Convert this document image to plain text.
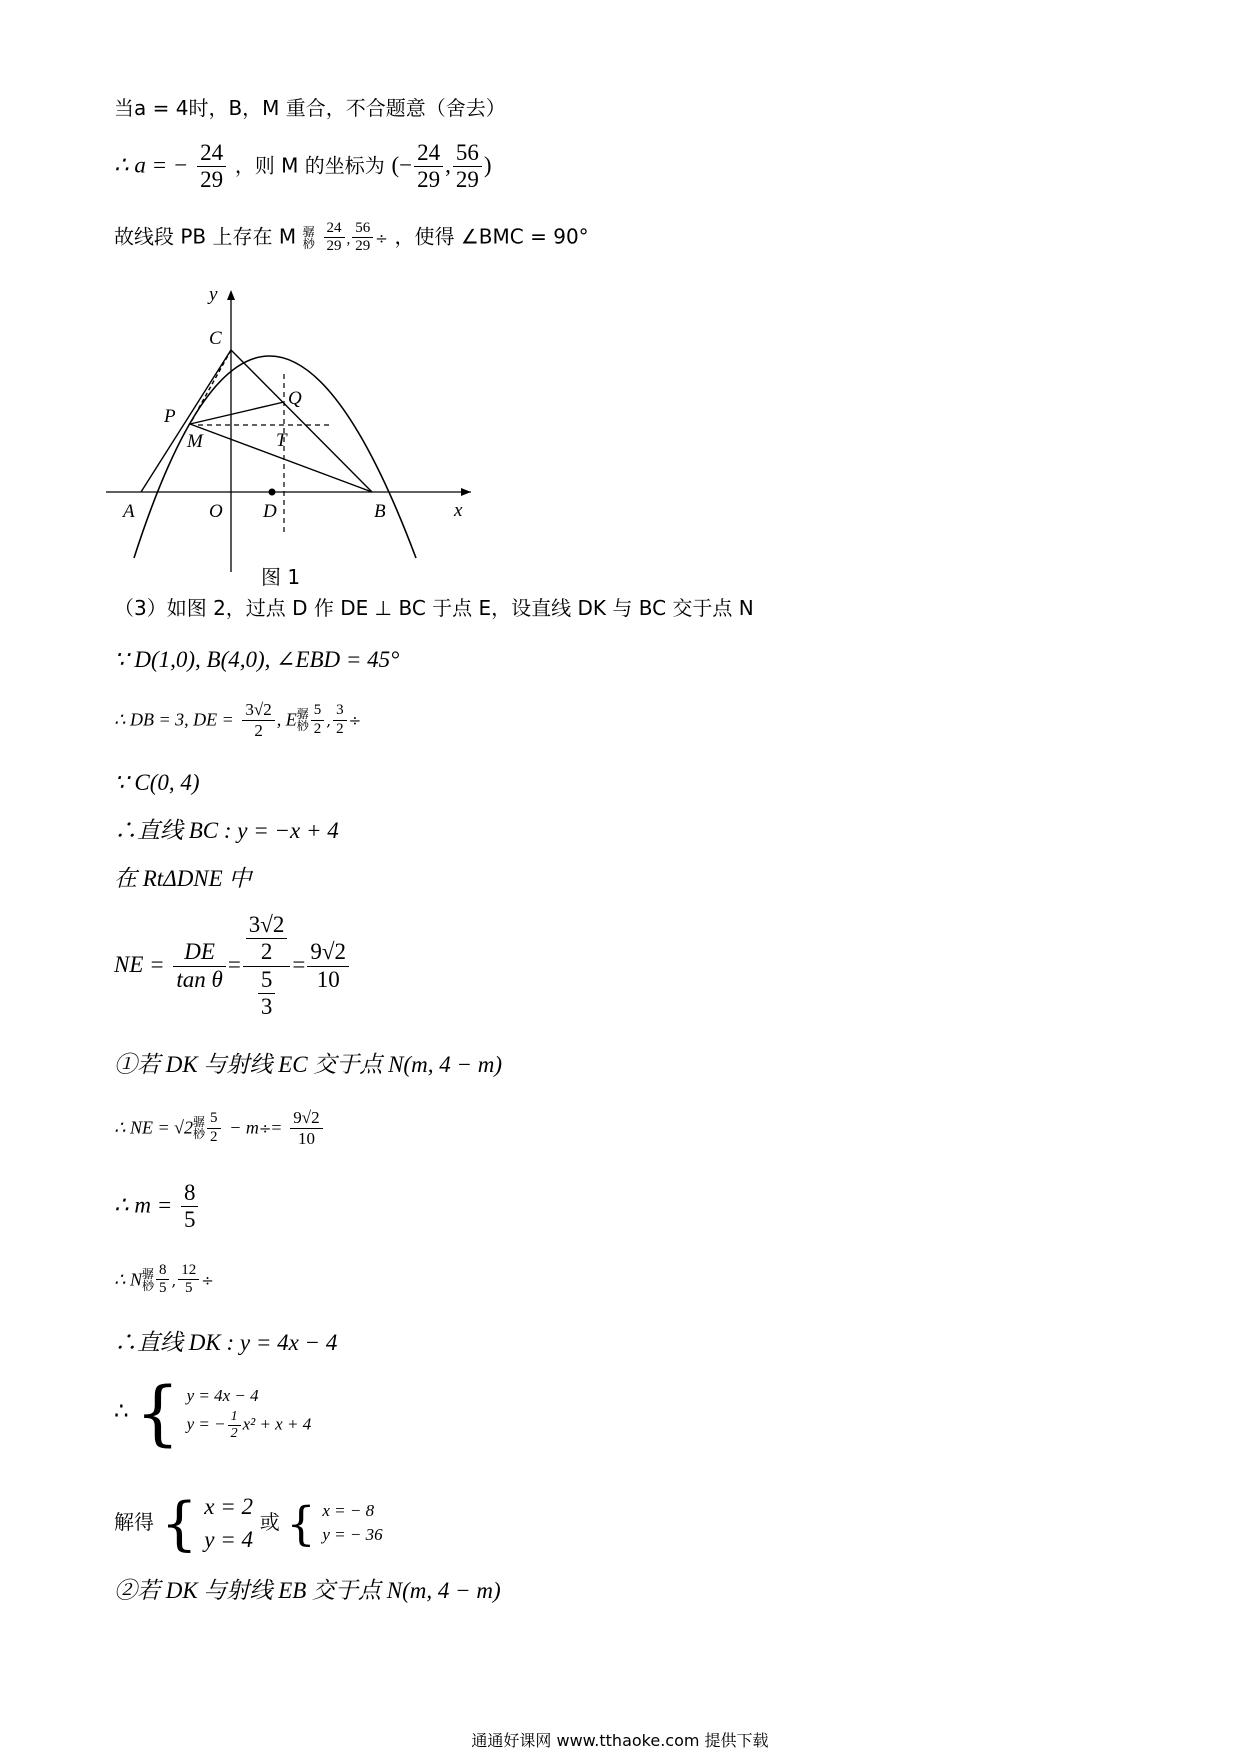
当a = 4时，B，M 重合，不合题意（舍去）
∴ a = − $\frac{24}{29}$ ，则 M 的坐标为 (− $\frac{24}{29}$ , $\frac{56}{29}$ )
故线段 PB 上存在 M 骣
桫 $\frac{24}{29}$ , $\frac{56}{29}$ ÷ ，使得 ∠BMC = 90°
y
x
C
P
M
Q
T
A	O D	B
图 1
（3）如图 2，过点 D 作 DE ⊥ BC 于点 E，设直线 DK 与 BC 交于点 N
∵ D(1,0), B(4,0), ∠EBD = 45°
∴ DB = 3, DE = $\frac{3√2}{2}$ , E骣
桫 $\frac{5}{2}$ , $\frac{3}{2}$ ÷
∵ C(0, 4)
∴直线 BC : y = −x + 4
在 RtΔDNE 中
NE = $\frac{DE}{\text{tan θ}} = \frac{\frac{3√2}{2}}{\frac{5}{3}} = \frac{9√2}{10}$
①若 DK 与射线 EC 交于点 N(m, 4 − m)
∴ NE = √2骣
桫 $\frac{5}{2} - m\div= \frac{9√2}{10}$
∴ $m = \frac{8}{5}$
∴ N骣
桫 $\frac{8}{5}$ , $\frac{12}{5}$ ÷
∴直线 DK : y = 4x − 4
∴ { y = 4x − 4
y = − $\frac{1}{2} x^2 + x + 4$
解得 { x = 2
y = 4
或 { x = − 8
y = − 36
②若 DK 与射线 EB 交于点 N(m, 4 − m)
通通好课网 www.tthaoke.com 提供下载
